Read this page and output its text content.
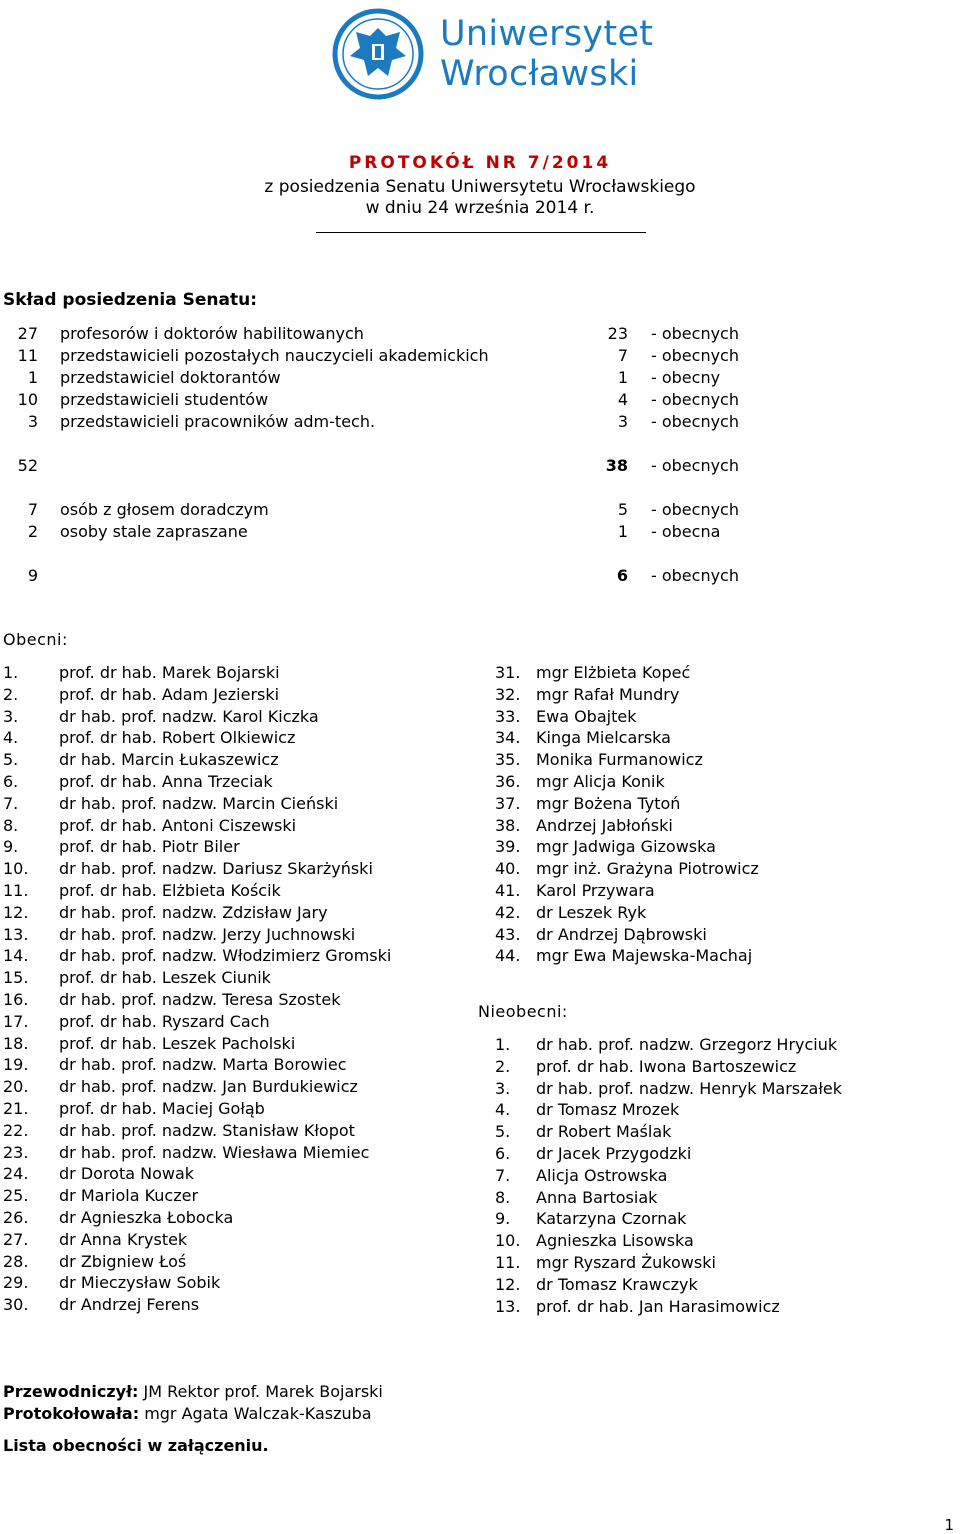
Uniwersytet
Wrocławski
PROTOKÓŁ NR 7/2014
z posiedzenia Senatu Uniwersytetu Wrocławskiego
w dniu 24 września 2014 r.
Skład posiedzenia Senatu:
27 profesorów i doktorów habilitowanych	23 - obecnych
11 przedstawicieli pozostałych nauczycieli akademickich	7 - obecnych
1 przedstawiciel doktorantów	1 - obecny
10 przedstawicieli studentów	4 - obecnych
3 przedstawicieli pracowników adm-tech.	3 - obecnych
52	38 - obecnych
7 osób z głosem doradczym	5 - obecnych
2 osoby stale zapraszane	1 - obecna
9	6 - obecnych
Obecni:
1.	prof. dr hab. Marek Bojarski
2.	prof. dr hab. Adam Jezierski
3.	dr hab. prof. nadzw. Karol Kiczka
4.	prof. dr hab. Robert Olkiewicz
5.	dr hab. Marcin Łukaszewicz
6.	prof. dr hab. Anna Trzeciak
7.	dr hab. prof. nadzw. Marcin Cieński
8.	prof. dr hab. Antoni Ciszewski
9.	prof. dr hab. Piotr Biler
10. dr hab. prof. nadzw. Dariusz Skarżyński
11. prof. dr hab. Elżbieta Kościk
12. dr hab. prof. nadzw. Zdzisław Jary
13. dr hab. prof. nadzw. Jerzy Juchnowski
14. dr hab. prof. nadzw. Włodzimierz Gromski
15. prof. dr hab. Leszek Ciunik
16. dr hab. prof. nadzw. Teresa Szostek
17. prof. dr hab. Ryszard Cach
18. prof. dr hab. Leszek Pacholski
19. dr hab. prof. nadzw. Marta Borowiec
20. dr hab. prof. nadzw. Jan Burdukiewicz
21. prof. dr hab. Maciej Gołąb
22. dr hab. prof. nadzw. Stanisław Kłopot
23. dr hab. prof. nadzw. Wiesława Miemiec
24. dr Dorota Nowak
25. dr Mariola Kuczer
26. dr Agnieszka Łobocka
27. dr Anna Krystek
28. dr Zbigniew Łoś
29. dr Mieczysław Sobik
30. dr Andrzej Ferens
31. mgr Elżbieta Kopeć
32. mgr Rafał Mundry
33. Ewa Obajtek
34. Kinga Mielcarska
35. Monika Furmanowicz
36. mgr Alicja Konik
37. mgr Bożena Tytoń
38. Andrzej Jabłoński
39. mgr Jadwiga Gizowska
40. mgr inż. Grażyna Piotrowicz
41. Karol Przywara
42. dr Leszek Ryk
43. dr Andrzej Dąbrowski
44. mgr Ewa Majewska-Machaj
Nieobecni:
1. dr hab. prof. nadzw. Grzegorz Hryciuk
2. prof. dr hab. Iwona Bartoszewicz
3. dr hab. prof. nadzw. Henryk Marszałek
4. dr Tomasz Mrozek
5. dr Robert Maślak
6. dr Jacek Przygodzki
7. Alicja Ostrowska
8. Anna Bartosiak
9. Katarzyna Czornak
10. Agnieszka Lisowska
11. mgr Ryszard Żukowski
12. dr Tomasz Krawczyk
13. prof. dr hab. Jan Harasimowicz
Przewodniczył: JM Rektor prof. Marek Bojarski
Protokołowała: mgr Agata Walczak-Kaszuba
Lista obecności w załączeniu.
1
